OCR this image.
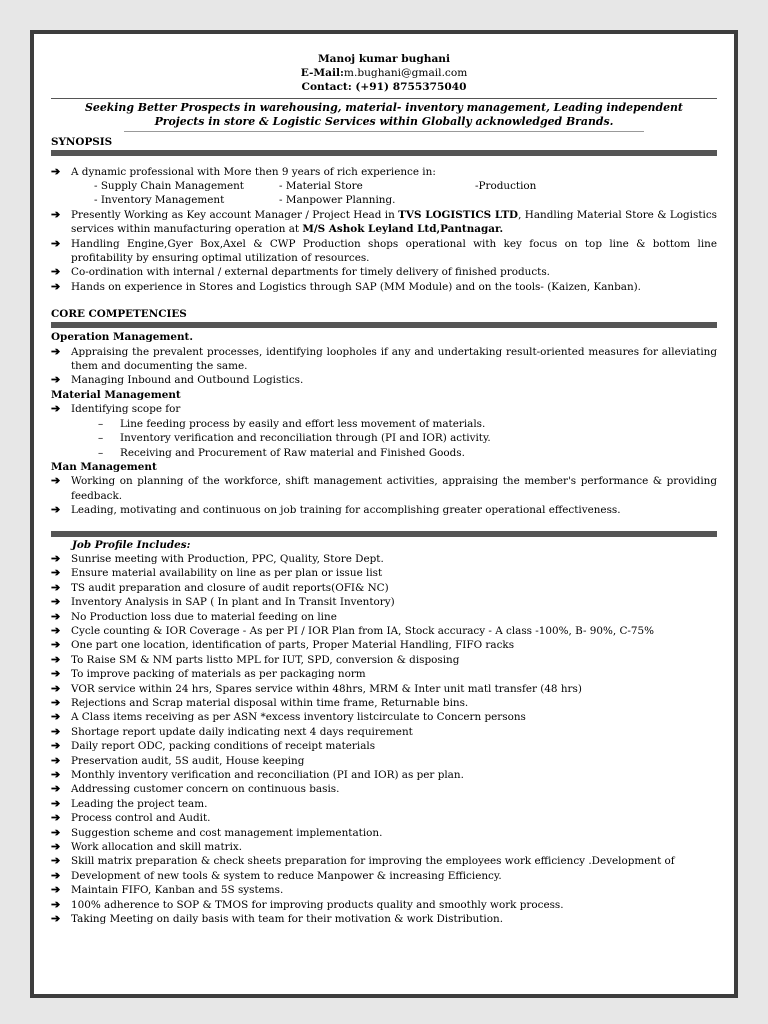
Manoj kumar bughani
E-Mail:m.bughani@gmail.com
Contact: (+91) 8755375040
Seeking Better Prospects in warehousing, material- inventory management, Leading independent Projects in store & Logistic Services within Globally acknowledged Brands.
SYNOPSIS
➔	A dynamic professional with More then 9 years of rich experience in:
- Supply Chain Management	- Material Store	-Production
- Inventory Management	- Manpower Planning.
➔	Presently Working as Key account Manager / Project Head in TVS LOGISTICS LTD, Handling Material Store & Logistics services within manufacturing operation at M/S Ashok Leyland Ltd,Pantnagar.
➔	Handling Engine,Gyer Box,Axel & CWP Production shops operational with key focus on top line & bottom line profitability by ensuring optimal utilization of resources.
➔	Co-ordination with internal / external departments for timely delivery of finished products.
➔	Hands on experience in Stores and Logistics through SAP (MM Module) and on the tools- (Kaizen, Kanban).
CORE COMPETENCIES
Operation Management.
➔	Appraising the prevalent processes, identifying loopholes if any and undertaking result-oriented measures for alleviating them and documenting the same.
➔	Managing Inbound and Outbound Logistics.
Material Management
➔	Identifying scope for
–	Line feeding process by easily and effort less movement of materials.
–	Inventory verification and reconciliation through (PI and IOR) activity.
–	Receiving and Procurement of Raw material and Finished Goods.
Man Management
➔	Working on planning of the workforce, shift management activities, appraising the member's performance & providing feedback.
➔	Leading, motivating and continuous on job training for accomplishing greater operational effectiveness.
Job Profile Includes:
➔	Sunrise meeting with Production, PPC, Quality, Store Dept.
➔	Ensure material availability on line as per plan or issue list
➔	TS audit preparation and closure of audit reports(OFI& NC)
➔	Inventory Analysis in SAP ( In plant and In Transit Inventory)
➔	No Production loss due to material feeding on line
➔	Cycle counting & IOR Coverage - As per PI / IOR Plan from IA, Stock accuracy - A class -100%, B- 90%, C-75%
➔	One part one location, identification of parts, Proper Material Handling, FIFO racks
➔	To Raise SM & NM parts listto MPL for IUT, SPD, conversion & disposing
➔	To improve packing of materials as per packaging norm
➔	VOR service within 24 hrs, Spares service within 48hrs, MRM & Inter unit matl transfer (48 hrs)
➔	Rejections and Scrap material disposal within time frame, Returnable bins.
➔	A Class items receiving as per ASN *excess inventory listcirculate to Concern persons
➔	Shortage report update daily indicating next 4 days requirement
➔	Daily report ODC, packing conditions of receipt materials
➔	Preservation audit, 5S audit, House keeping
➔	Monthly inventory verification and reconciliation (PI and IOR) as per plan.
➔	Addressing customer concern on continuous basis.
➔	Leading the project team.
➔	Process control and Audit.
➔	Suggestion scheme and cost management implementation.
➔	Work allocation and skill matrix.
➔	Skill matrix preparation & check sheets preparation for improving the employees work efficiency .Development of
➔	Development of new tools & system to reduce Manpower & increasing Efficiency.
➔	Maintain FIFO, Kanban and 5S systems.
➔	100% adherence to SOP & TMOS for improving products quality and smoothly work process.
➔	Taking Meeting on daily basis with team for their motivation & work Distribution.
